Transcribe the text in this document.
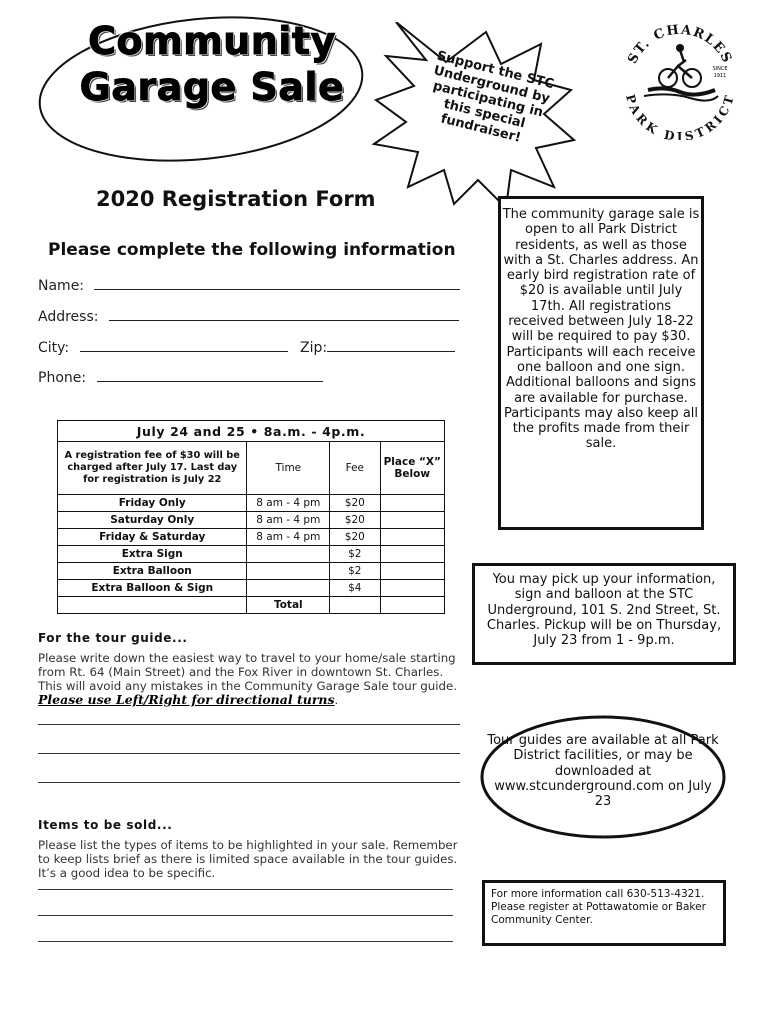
Community
Garage Sale	Support the STC Underground by participating in this special fundraiser!
ST. CHARLES
PARK DISTRICT
SINCE
1911
2020 Registration Form
Please complete the following information
Name:
Address:
City:	Zip:
Phone:
July 24 and 25 • 8a.m. - 4p.m.			
A registration fee of $30 will be charged after July 17. Last day for registration is July 22	Time	Fee	Place “X” Below
Friday Only	8 am - 4 pm	$20	
Saturday Only	8 am - 4 pm	$20	
Friday & Saturday	8 am - 4 pm	$20	
Extra Sign		$2	
Extra Balloon		$2	
Extra Balloon & Sign		$4	
	Total		
For the tour guide...
Please write down the easiest way to travel to your home/sale starting from Rt. 64 (Main Street) and the Fox River in downtown St. Charles. This will avoid any mistakes in the Community Garage Sale tour guide. Please use Left/Right for directional turns.
Items to be sold...
Please list the types of items to be highlighted in your sale. Remember to keep lists brief as there is limited space available in the tour guides. It’s a good idea to be specific.
The community garage sale is open to all Park District residents, as well as those with a St. Charles address. An early bird registration rate of $20 is available until July 17th. All registrations received between July 18-22 will be required to pay $30. Participants will each receive one balloon and one sign. Additional balloons and signs are available for purchase. Participants may also keep all the profits made from their sale.
You may pick up your information, sign and balloon at the STC Underground, 101 S. 2nd Street, St. Charles. Pickup will be on Thursday, July 23 from 1 - 9p.m.
Tour guides are available at all Park District facilities, or may be downloaded at www.stcunderground.com on July 23
For more information call 630-513-4321. Please register at Pottawatomie or Baker Community Center.
